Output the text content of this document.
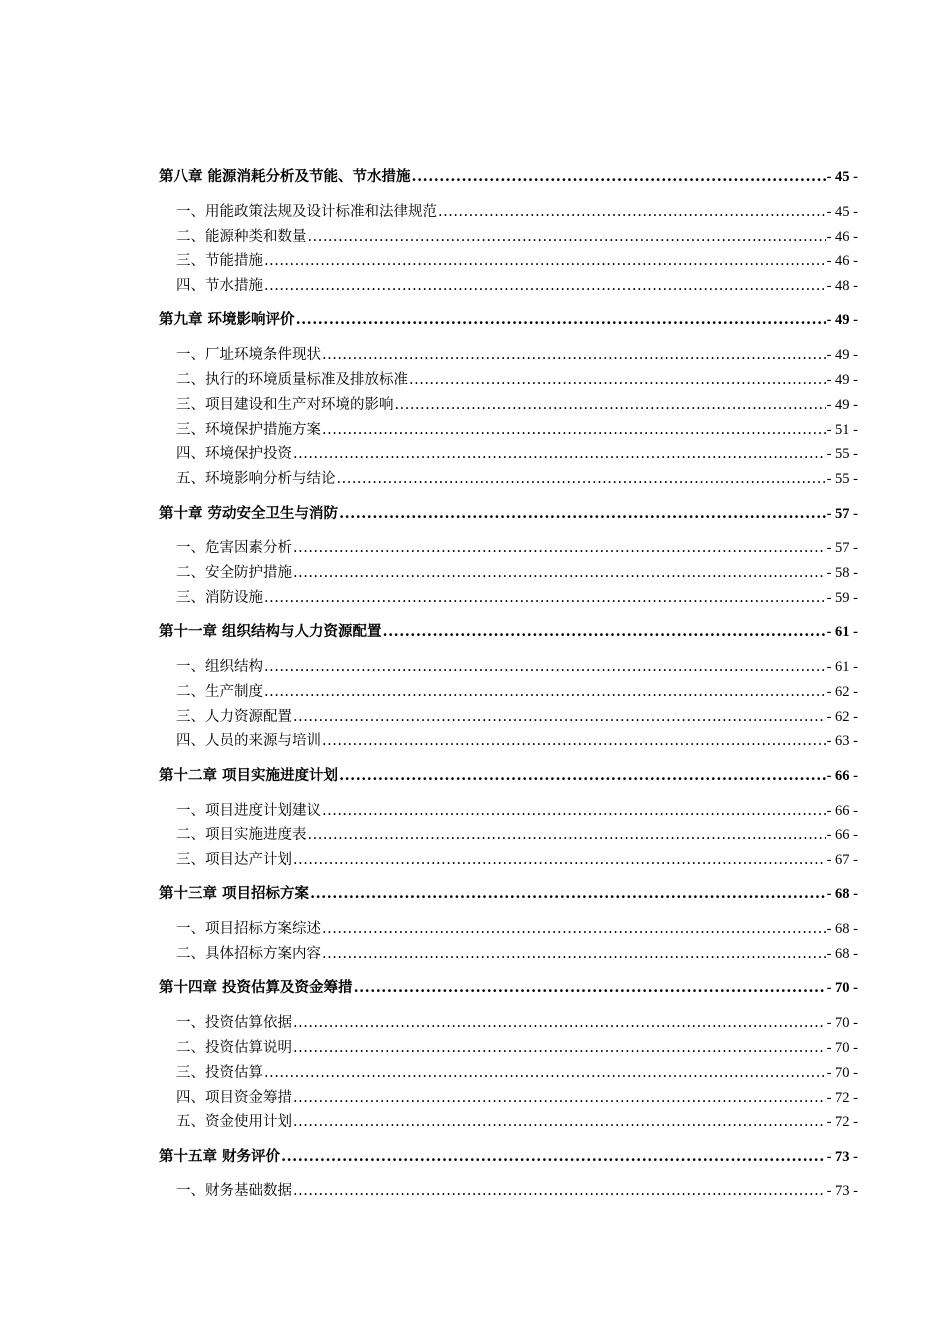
第八章 能源消耗分析及节能、节水措施 .....	- 45 -
一、用能政策法规及设计标准和法律规范 .....	- 45 -
二、能源种类和数量 .....	- 46 -
三、节能措施 .....	- 46 -
四、节水措施 .....	- 48 -
第九章 环境影响评价 .....	- 49 -
一、厂址环境条件现状 .....	- 49 -
二、执行的环境质量标准及排放标准 .....	- 49 -
三、项目建设和生产对环境的影响 .....	- 49 -
三、环境保护措施方案 .....	- 51 -
四、环境保护投资 .....	- 55 -
五、环境影响分析与结论 .....	- 55 -
第十章 劳动安全卫生与消防 .....	- 57 -
一、危害因素分析 .....	- 57 -
二、安全防护措施 .....	- 58 -
三、消防设施 .....	- 59 -
第十一章 组织结构与人力资源配置 .....	- 61 -
一、组织结构 .....	- 61 -
二、生产制度 .....	- 62 -
三、人力资源配置 .....	- 62 -
四、人员的来源与培训 .....	- 63 -
第十二章 项目实施进度计划 .....	- 66 -
一、项目进度计划建议 .....	- 66 -
二、项目实施进度表 .....	- 66 -
三、项目达产计划 .....	- 67 -
第十三章 项目招标方案 .....	- 68 -
一、项目招标方案综述 .....	- 68 -
二、具体招标方案内容 .....	- 68 -
第十四章 投资估算及资金筹措 .....	- 70 -
一、投资估算依据 .....	- 70 -
二、投资估算说明 .....	- 70 -
三、投资估算 .....	- 70 -
四、项目资金筹措 .....	- 72 -
五、资金使用计划 .....	- 72 -
第十五章 财务评价 .....	- 73 -
一、财务基础数据 .....	- 73 -
